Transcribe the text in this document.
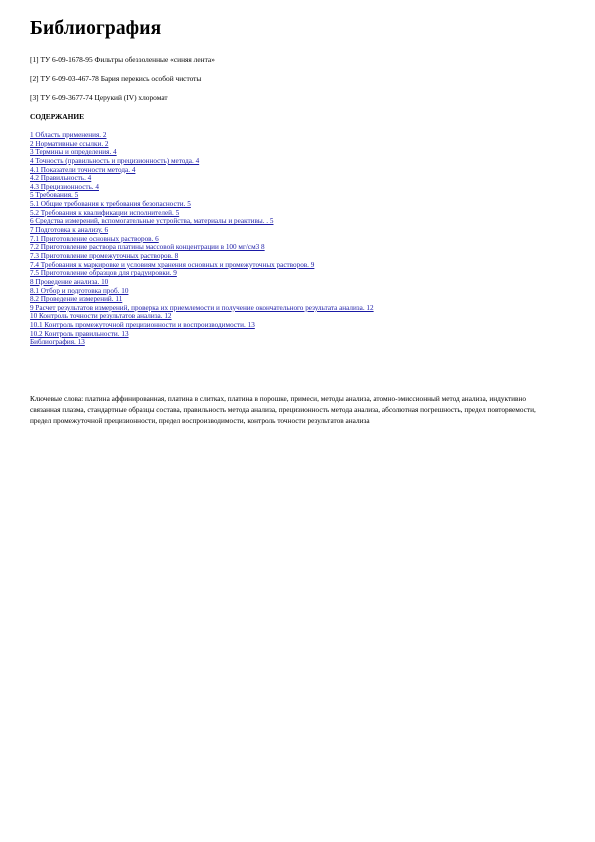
Библиография
[1] ТУ 6-09-1678-95 Фильтры обеззоленные «синяя лента»
[2] ТУ 6-09-03-467-78 Бария перекись особой чистоты
[3] ТУ 6-09-3677-74 Церукий (IV) хлоромат
СОДЕРЖАНИЕ
1 Область применения. 2
2 Нормативные ссылки. 2
3 Термины и определения. 4
4 Точность (правильность и прецизионность) метода. 4
4.1 Показатели точности метода. 4
4.2 Правильность. 4
4.3 Прецизионность. 4
5 Требования. 5
5.1 Общие требования к требования безопасности. 5
5.2 Требования к квалификации исполнителей. 5
6 Средства измерений, вспомогательные устройства, материалы и реактивы. . 5
7 Подготовка к анализу. 6
7.1 Приготовление основных растворов. 6
7.2 Приготовление раствора платины массовой концентрации в 100 мг/см3 8
7.3 Приготовление промежуточных растворов. 8
7.4 Требования к маркировке и условиям хранения основных и промежуточных растворов. 9
7.5 Приготовление образцов для градуировки. 9
8 Проведение анализа. 10
8.1 Отбор и подготовка проб. 10
8.2 Проведение измерений. 11
9 Расчет результатов измерений, проверка их приемлемости и получение окончательного результата анализа. 12
10 Контроль точности результатов анализа. 12
10.1 Контроль промежуточной прецизионности и воспроизводимости. 13
10.2 Контроль правильности. 13
Библиография. 13

Ключевые слова: платина аффинированная, платина в слитках, платина в порошке, примеси, методы анализа, атомно-эмиссионный метод анализа, индуктивно связанная плазма, стандартные образцы состава, правильность метода анализа, прецизионность метода анализа, абсолютная погрешность, предел повторяемости, предел промежуточной прецизионности, предел воспроизводимости, контроль точности результатов анализа
